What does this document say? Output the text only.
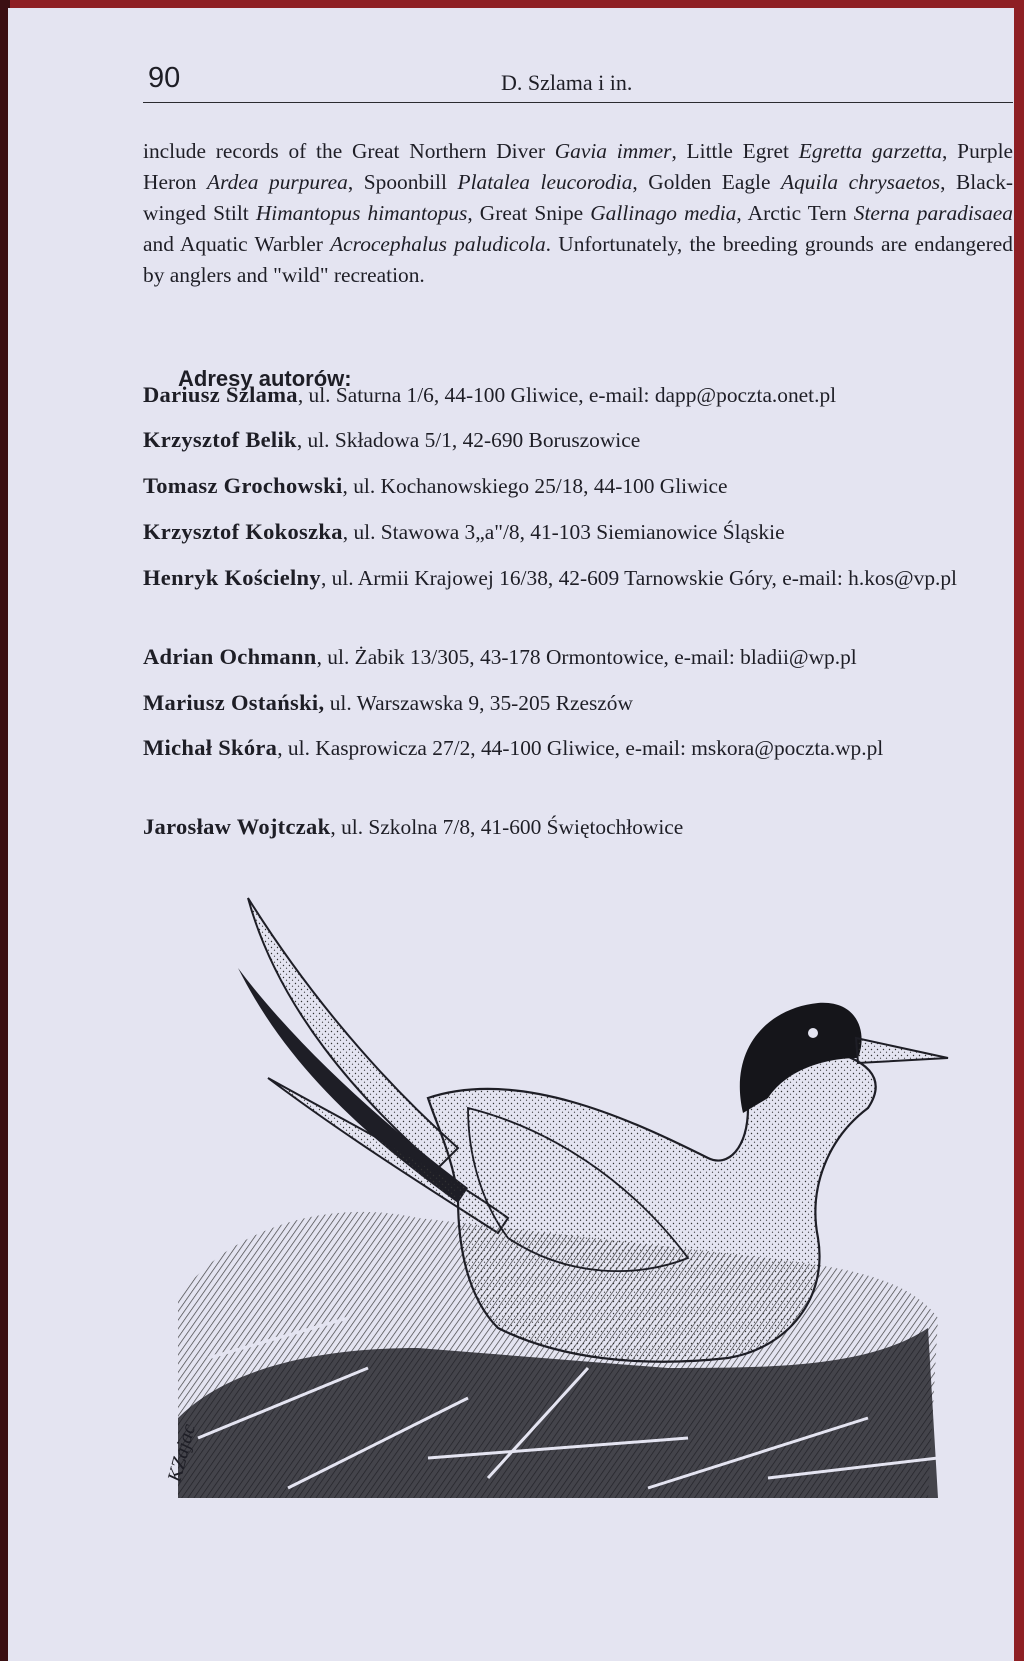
90	D. Szlama i in.

include records of the Great Northern Diver Gavia immer, Little Egret Egretta garzetta, Purple Heron Ardea purpurea, Spoonbill Platalea leucorodia, Golden Eagle Aquila chrysaetos, Black-winged Stilt Himantopus himantopus, Great Snipe Gallinago media, Arctic Tern Sterna paradisaea and Aquatic Warbler Acrocephalus paludicola. Unfortunately, the breeding grounds are endangered by anglers and "wild" recreation.

Adresy autorów:

Dariusz Szlama, ul. Saturna 1/6, 44-100 Gliwice, e-mail: dapp@poczta.onet.pl

Krzysztof Belik, ul. Składowa 5/1, 42-690 Boruszowice

Tomasz Grochowski, ul. Kochanowskiego 25/18, 44-100 Gliwice

Krzysztof Kokoszka, ul. Stawowa 3„a"/8, 41-103 Siemianowice Śląskie

Henryk Kościelny, ul. Armii Krajowej 16/38, 42-609 Tarnowskie Góry, e-mail: h.kos@vp.pl

Adrian Ochmann, ul. Żabik 13/305, 43-178 Ormontowice, e-mail: bladii@wp.pl

Mariusz Ostański, ul. Warszawska 9, 35-205 Rzeszów

Michał Skóra, ul. Kasprowicza 27/2, 44-100 Gliwice, e-mail: mskora@poczta.wp.pl

Jarosław Wojtczak, ul. Szkolna 7/8, 41-600 Świętochłowice

KZajac
